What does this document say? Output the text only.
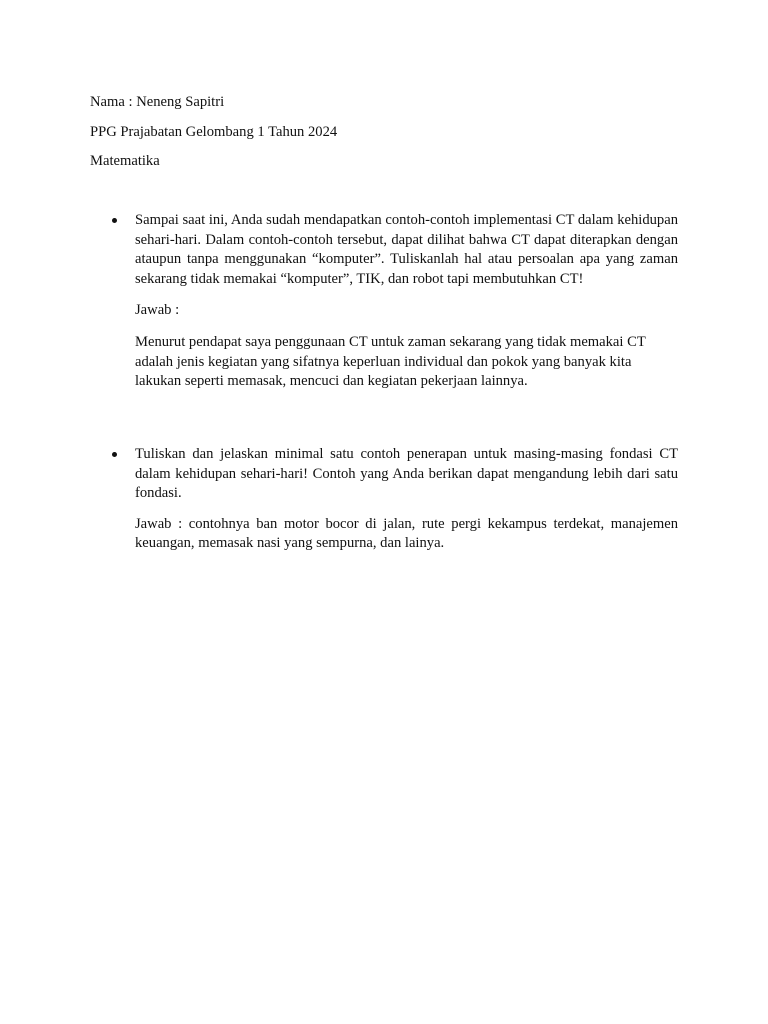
Nama : Neneng Sapitri
PPG Prajabatan Gelombang 1 Tahun 2024
Matematika

Sampai saat ini, Anda sudah mendapatkan contoh-contoh implementasi CT dalam kehidupan sehari-hari. Dalam contoh-contoh tersebut, dapat dilihat bahwa CT dapat diterapkan dengan ataupun tanpa menggunakan “komputer”. Tuliskanlah hal atau persoalan apa yang zaman sekarang tidak memakai “komputer”, TIK, dan robot tapi membutuhkan CT!

Jawab :

Menurut pendapat saya penggunaan CT untuk zaman sekarang yang tidak memakai CT adalah jenis kegiatan yang sifatnya keperluan individual dan pokok yang banyak kita lakukan seperti memasak, mencuci dan kegiatan pekerjaan lainnya.

Tuliskan dan jelaskan minimal satu contoh penerapan untuk masing-masing fondasi CT dalam kehidupan sehari-hari! Contoh yang Anda berikan dapat mengandung lebih dari satu fondasi.

Jawab : contohnya ban motor bocor di jalan, rute pergi kekampus terdekat, manajemen keuangan, memasak nasi yang sempurna, dan lainya.
